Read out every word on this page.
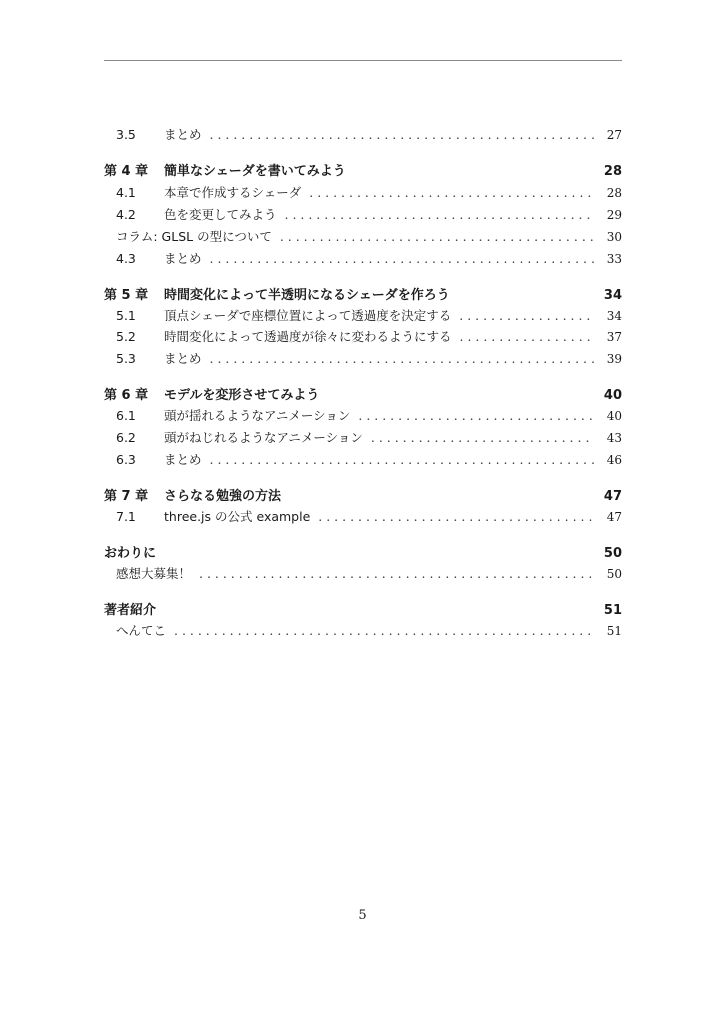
3.5	まとめ . . .	27
第 4 章	簡単なシェーダを書いてみよう	28
4.1	本章で作成するシェーダ . . .	28
4.2	色を変更してみよう . . .	29
コラム: GLSL の型について . . .	30
4.3	まとめ . . .	33
第 5 章	時間変化によって半透明になるシェーダを作ろう	34
5.1	頂点シェーダで座標位置によって透過度を決定する . . .	34
5.2	時間変化によって透過度が徐々に変わるようにする . . .	37
5.3	まとめ . . .	39
第 6 章	モデルを変形させてみよう	40
6.1	頭が揺れるようなアニメーション . . .	40
6.2	頭がねじれるようなアニメーション . . .	43
6.3	まとめ . . .	46
第 7 章	さらなる勉強の方法	47
7.1	three.js の公式 example . . .	47
おわりに	50
感想大募集！ . . .	50
著者紹介	51
へんてこ . . .	51
5
